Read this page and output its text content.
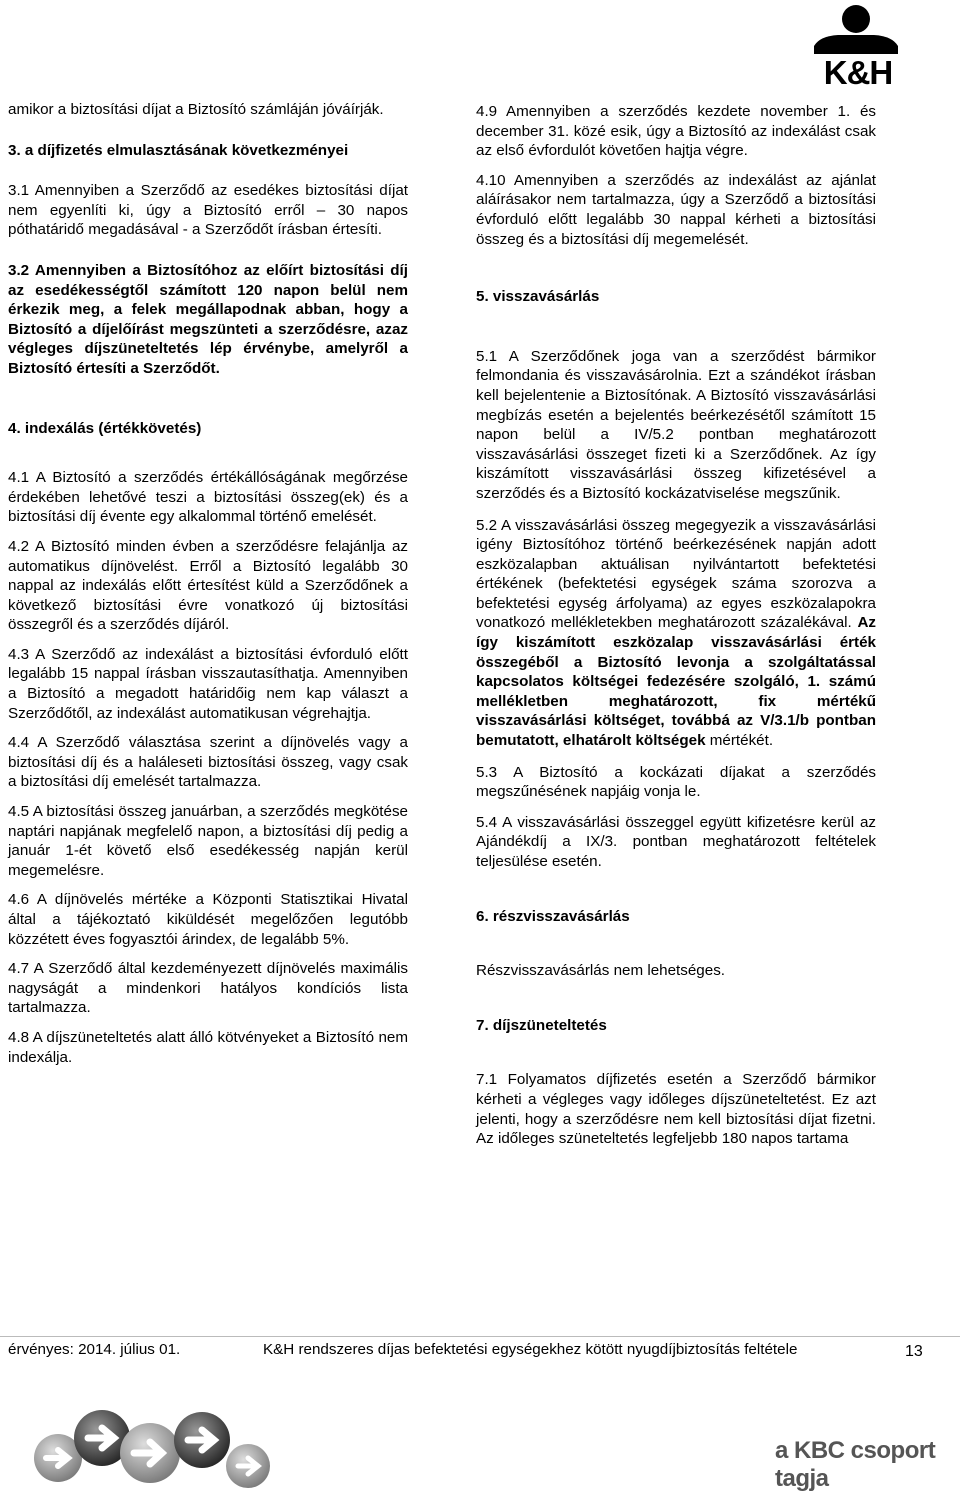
K&H

amikor a biztosítási díjat a Biztosító számláján jóváírják.

3. a díjfizetés elmulasztásának következményei

3.1 Amennyiben a Szerződő az esedékes biztosítási díjat nem egyenlíti ki, úgy a Biztosító erről – 30 napos póthatáridő megadásával - a Szerződőt írásban értesíti.

3.2 Amennyiben a Biztosítóhoz az előírt biztosítási díj az esedékességtől számított 120 napon belül nem érkezik meg, a felek megállapodnak abban, hogy a Biztosító a díjelőírást megszünteti a szerződésre, azaz végleges díjszüneteltetés lép érvénybe, amelyről a Biztosító értesíti a Szerződőt.

4. indexálás (értékkövetés)

4.1 A Biztosító a szerződés értékállóságának megőrzése érdekében lehetővé teszi a biztosítási összeg(ek) és a biztosítási díj évente egy alkalommal történő emelését.

4.2 A Biztosító minden évben a szerződésre felajánlja az automatikus díjnövelést. Erről a Biztosító legalább 30 nappal az indexálás előtt értesítést küld a Szerződőnek a következő biztosítási évre vonatkozó új biztosítási összegről és a szerződés díjáról.

4.3 A Szerződő az indexálást a biztosítási évforduló előtt legalább 15 nappal írásban visszautasíthatja. Amennyiben a Biztosító a megadott határidőig nem kap választ a Szerződőtől, az indexálást automatikusan végrehajtja.

4.4 A Szerződő választása szerint a díjnövelés vagy a biztosítási díj és a haláleseti biztosítási összeg, vagy csak a biztosítási díj emelését tartalmazza.

4.5 A biztosítási összeg januárban, a szerződés megkötése naptári napjának megfelelő napon, a biztosítási díj pedig a január 1-ét követő első esedékesség napján kerül megemelésre.

4.6 A díjnövelés mértéke a Központi Statisztikai Hivatal által a tájékoztató kiküldését megelőzően legutóbb közzétett éves fogyasztói árindex, de legalább 5%.

4.7 A Szerződő által kezdeményezett díjnövelés maximális nagyságát a mindenkori hatályos kondíciós lista tartalmazza.

4.8 A díjszüneteltetés alatt álló kötvényeket a Biztosító nem indexálja.

4.9 Amennyiben a szerződés kezdete november 1. és december 31. közé esik, úgy a Biztosító az indexálást csak az első évfordulót követően hajtja végre.

4.10 Amennyiben a szerződés az indexálást az ajánlat aláírásakor nem tartalmazza, úgy a Szerződő a biztosítási évforduló előtt legalább 30 nappal kérheti a biztosítási összeg és a biztosítási díj megemelését.

5. visszavásárlás

5.1 A Szerződőnek joga van a szerződést bármikor felmondania és visszavásárolnia. Ezt a szándékot írásban kell bejelentenie a Biztosítónak. A Biztosító visszavásárlási megbízás esetén a bejelentés beérkezésétől számított 15 napon belül a IV/5.2 pontban meghatározott visszavásárlási összeget fizeti ki a Szerződőnek. Az így kiszámított visszavásárlási összeg kifizetésével a szerződés és a Biztosító kockázatviselése megszűnik.

5.2 A visszavásárlási összeg megegyezik a visszavásárlási igény Biztosítóhoz történő beérkezésének napján adott eszközalapban aktuálisan nyilvántartott befektetési értékének (befektetési egységek száma szorozva a befektetési egység árfolyama) az egyes eszközalapokra vonatkozó mellékletekben meghatározott százalékával. Az így kiszámított eszközalap visszavásárlási érték összegéből a Biztosító levonja a szolgáltatással kapcsolatos költségei fedezésére szolgáló, 1. számú mellékletben meghatározott, fix mértékű visszavásárlási költséget, továbbá az V/3.1/b pontban bemutatott, elhatárolt költségek mértékét.

5.3 A Biztosító a kockázati díjakat a szerződés megszűnésének napjáig vonja le.

5.4 A visszavásárlási összeggel együtt kifizetésre kerül az Ajándékdíj a IX/3. pontban meghatározott feltételek teljesülése esetén.

6. részvisszavásárlás

Részvisszavásárlás nem lehetséges.

7. díjszüneteltetés

7.1 Folyamatos díjfizetés esetén a Szerződő bármikor kérheti a végleges vagy időleges díjszüneteltetést. Ez azt jelenti, hogy a szerződésre nem kell biztosítási díjat fizetni. Az időleges szüneteltetés legfeljebb 180 napos tartama

érvényes: 2014. július 01.	K&H rendszeres díjas befektetési egységekhez kötött nyugdíjbiztosítás feltétele	13
a KBC csoport tagja
